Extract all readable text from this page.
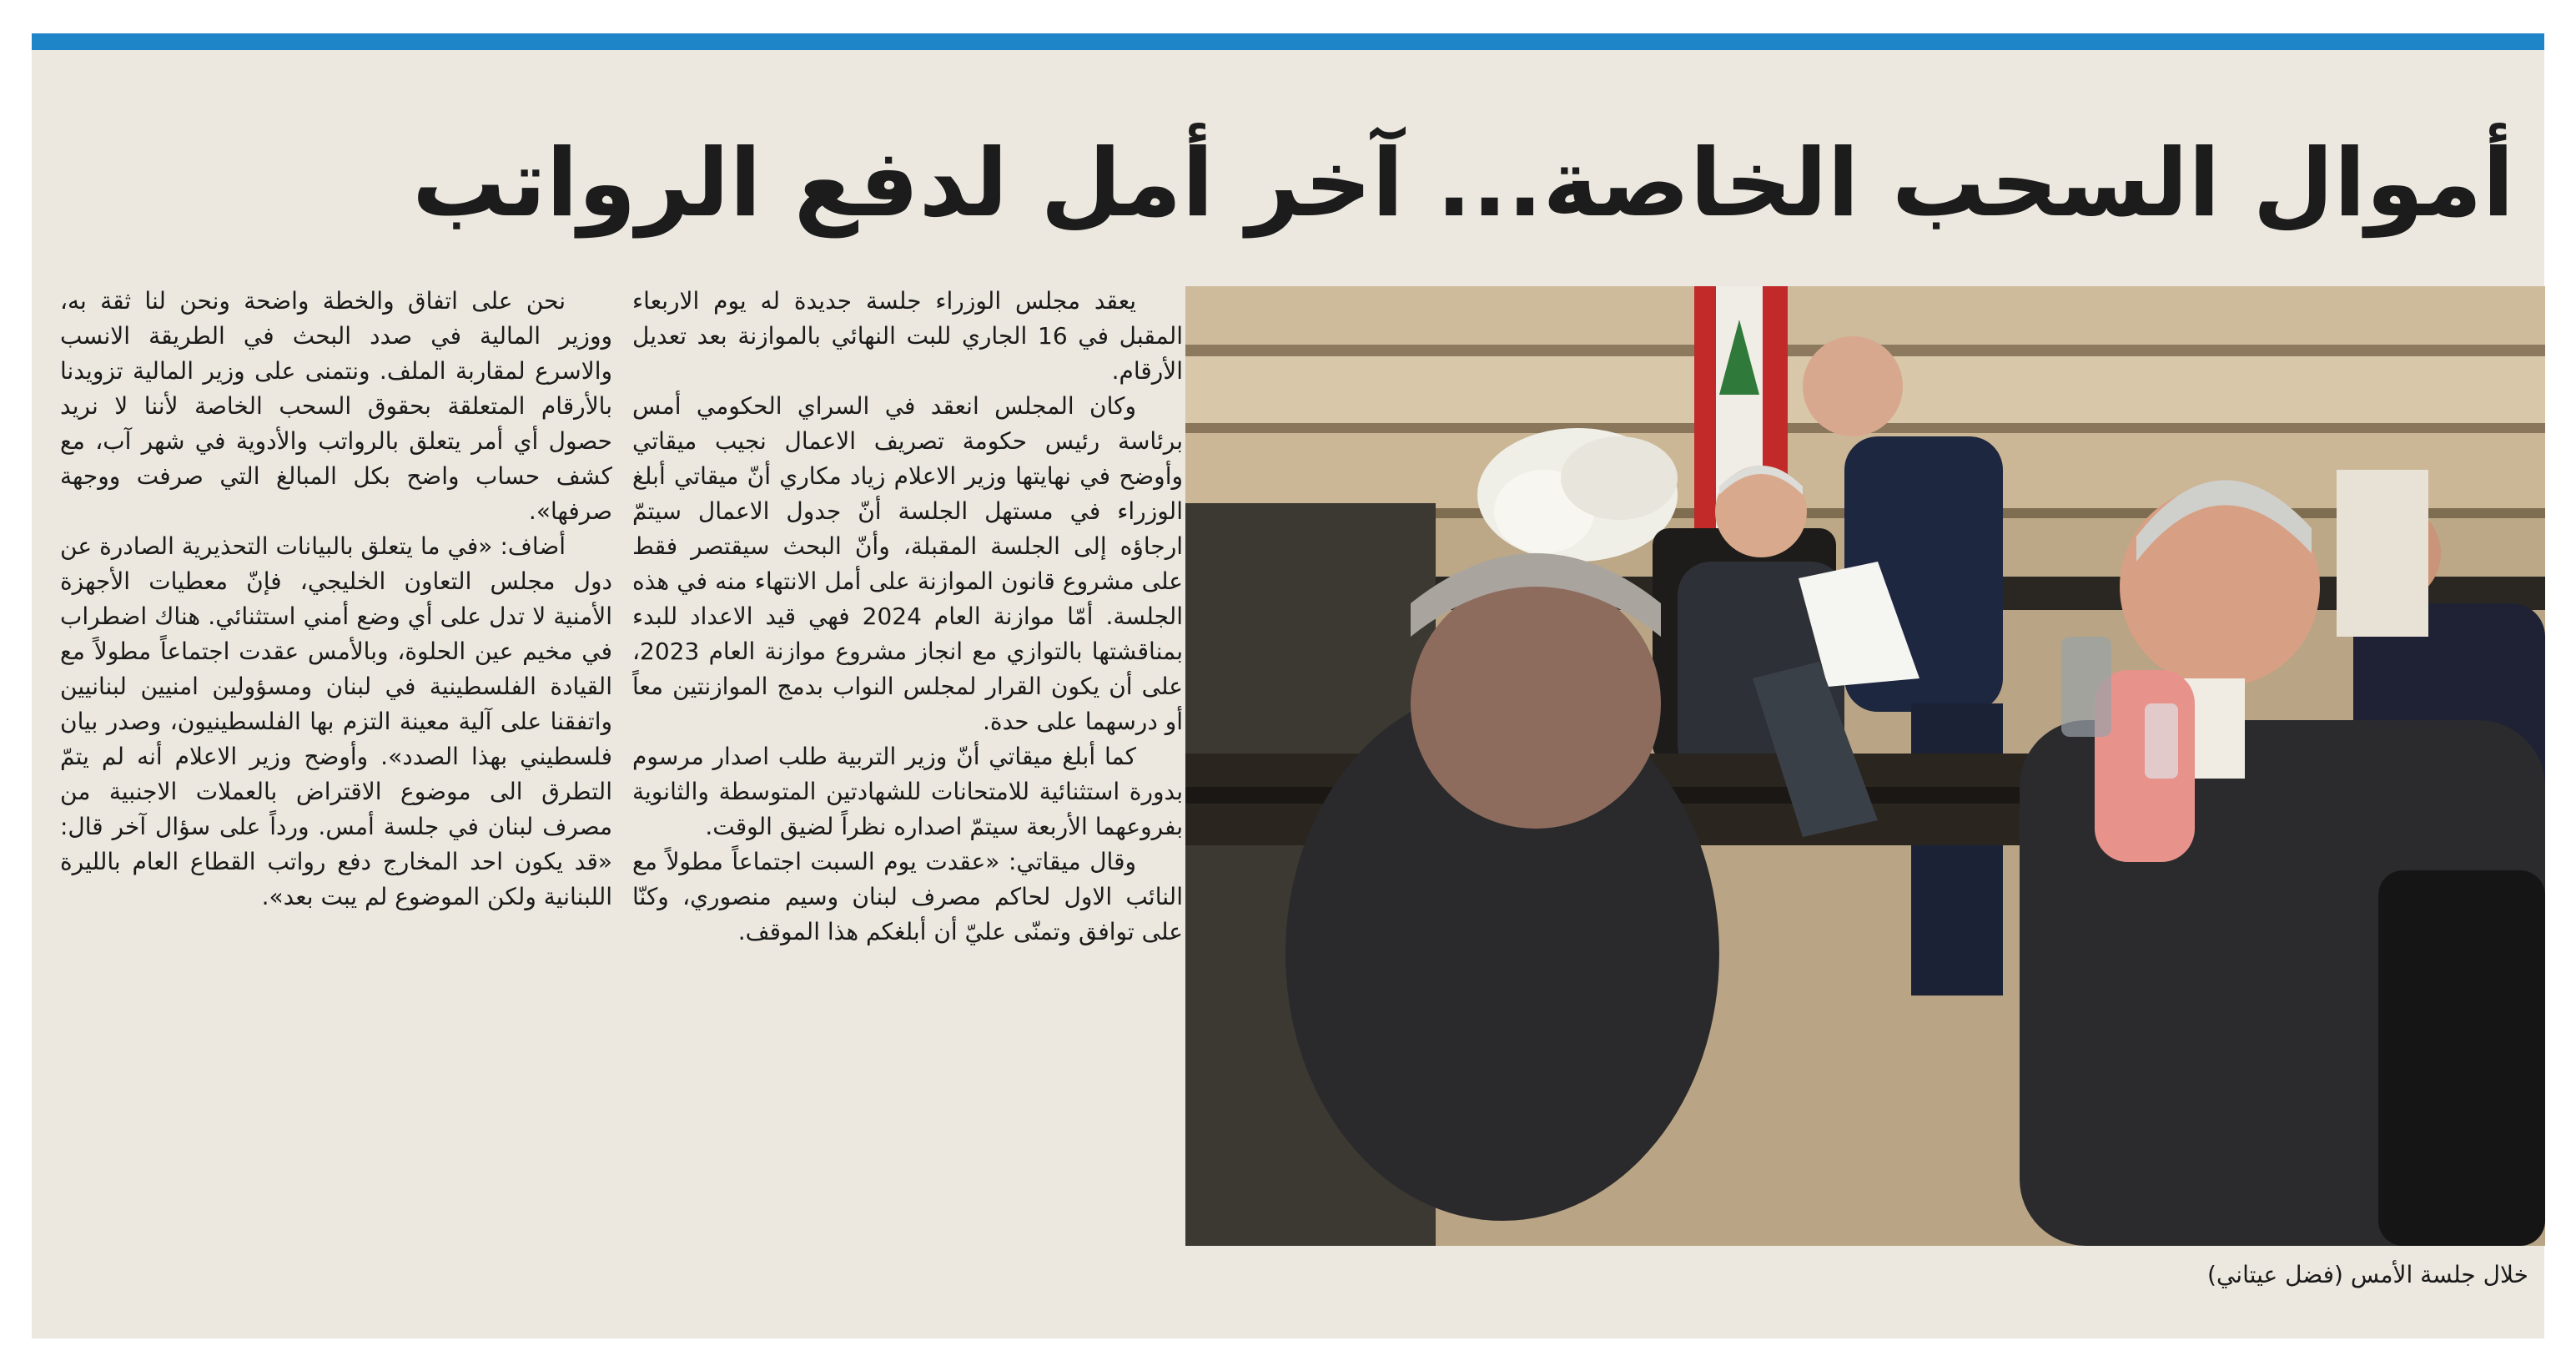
أموال السحب الخاصة... آخر أمل لدفع الرواتب

يعقد مجلس الوزراء جلسة جديدة له يوم الاربعاء المقبل في 16 الجاري للبت النهائي بالموازنة بعد تعديل الأرقام.

وكان المجلس انعقد في السراي الحكومي أمس برئاسة رئيس حكومة تصريف الاعمال نجيب ميقاتي وأوضح في نهايتها وزير الاعلام زياد مكاري أنّ ميقاتي أبلغ الوزراء في مستهل الجلسة أنّ جدول الاعمال سيتمّ ارجاؤه إلى الجلسة المقبلة، وأنّ البحث سيقتصر فقط على مشروع قانون الموازنة على أمل الانتهاء منه في هذه الجلسة. أمّا موازنة العام 2024 فهي قيد الاعداد للبدء بمناقشتها بالتوازي مع انجاز مشروع موازنة العام 2023، على أن يكون القرار لمجلس النواب بدمج الموازنتين معاً أو درسهما على حدة.

كما أبلغ ميقاتي أنّ وزير التربية طلب اصدار مرسوم بدورة استثنائية للامتحانات للشهادتين المتوسطة والثانوية بفروعهما الأربعة سيتمّ اصداره نظراً لضيق الوقت.

وقال ميقاتي: «عقدت يوم السبت اجتماعاً مطولاً مع النائب الاول لحاكم مصرف لبنان وسيم منصوري، وكنّا على توافق وتمنّى عليّ أن أبلغكم هذا الموقف.

نحن على اتفاق والخطة واضحة ونحن لنا ثقة به، ووزير المالية في صدد البحث في الطريقة الانسب والاسرع لمقاربة الملف. ونتمنى على وزير المالية تزويدنا بالأرقام المتعلقة بحقوق السحب الخاصة لأننا لا نريد حصول أي أمر يتعلق بالرواتب والأدوية في شهر آب، مع كشف حساب واضح بكل المبالغ التي صرفت ووجهة صرفها».

أضاف: «في ما يتعلق بالبيانات التحذيرية الصادرة عن دول مجلس التعاون الخليجي، فإنّ معطيات الأجهزة الأمنية لا تدل على أي وضع أمني استثنائي. هناك اضطراب في مخيم عين الحلوة، وبالأمس عقدت اجتماعاً مطولاً مع القيادة الفلسطينية في لبنان ومسؤولين امنيين لبنانيين واتفقنا على آلية معينة التزم بها الفلسطينيون، وصدر بيان فلسطيني بهذا الصدد». وأوضح وزير الاعلام أنه لم يتمّ التطرق الى موضوع الاقتراض بالعملات الاجنبية من مصرف لبنان في جلسة أمس. ورداً على سؤال آخر قال: «قد يكون احد المخارج دفع رواتب القطاع العام بالليرة اللبنانية ولكن الموضوع لم يبت بعد».

خلال جلسة الأمس (فضل عيتاني)
